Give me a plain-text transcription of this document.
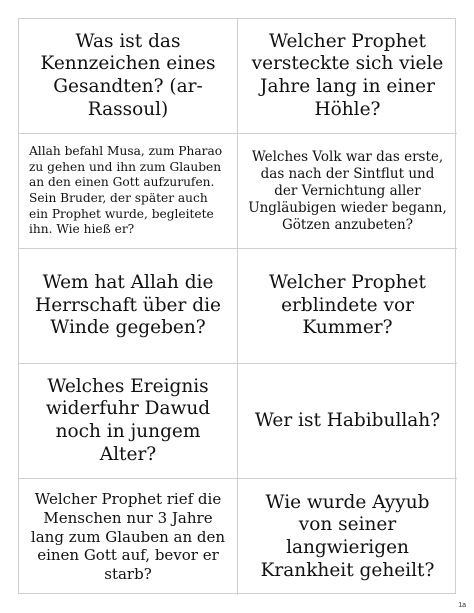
Was ist das Kennzeichen eines Gesandten? (ar-Rassoul)
Welcher Prophet versteckte sich viele Jahre lang in einer Höhle?
Allah befahl Musa, zum Pharao zu gehen und ihn zum Glauben an den einen Gott aufzurufen. Sein Bruder, der später auch ein Prophet wurde, begleitete ihn. Wie hieß er?
Welches Volk war das erste, das nach der Sintflut und der Vernichtung aller Ungläubigen wieder begann, Götzen anzubeten?
Wem hat Allah die Herrschaft über die Winde gegeben?
Welcher Prophet erblindete vor Kummer?
Welches Ereignis widerfuhr Dawud noch in jungem Alter?
Wer ist Habibullah?
Welcher Prophet rief die Menschen nur 3 Jahre lang zum Glauben an den einen Gott auf, bevor er starb?
Wie wurde Ayyub von seiner langwierigen Krankheit geheilt?
1a
